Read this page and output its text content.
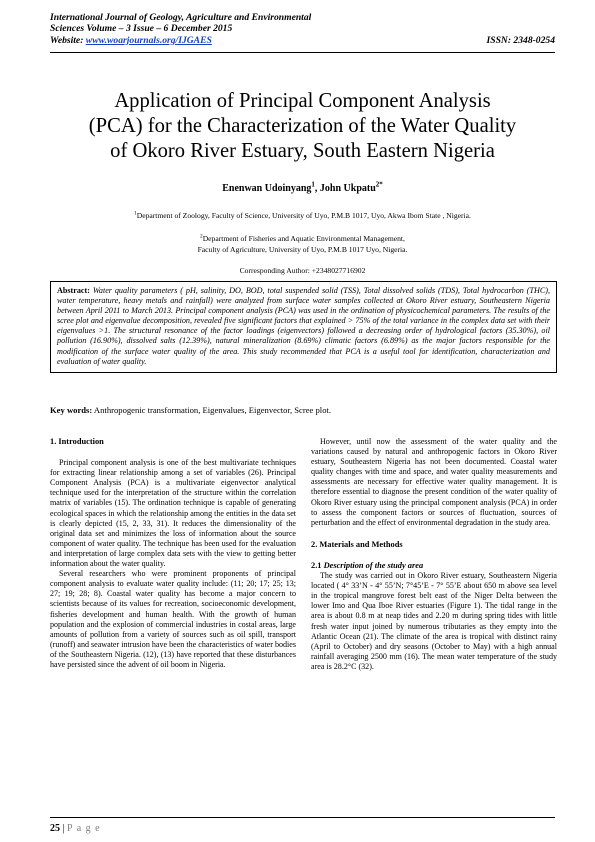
International Journal of Geology, Agriculture and Environmental
Sciences Volume – 3 Issue – 6 December 2015
Website: www.woarjournals.org/IJGAES	ISSN: 2348-0254
Application of Principal Component Analysis
(PCA) for the Characterization of the Water Quality
of Okoro River Estuary, South Eastern Nigeria
Enenwan Udoinyang$^1$, John Ukpatu$^{2*}$
$^1$Department of Zoology, Faculty of Science, University of Uyo, P.M.B 1017, Uyo, Akwa Ibom State , Nigeria.
$^2$Department of Fisheries and Aquatic Environmental Management,
Faculty of Agriculture, University of Uyo, P.M.B 1017 Uyo, Nigeria.
Corresponding Author: +2348027716902
Abstract: Water quality parameters ( pH, salinity, DO, BOD, total suspended solid (TSS), Total dissolved solids (TDS), Total hydrocarbon (THC), water temperature, heavy metals and rainfall) were analyzed from surface water samples collected at Okoro River estuary, Southeastern Nigeria between April 2011 to March 2013. Principal component analysis (PCA) was used in the ordination of physicochemical parameters. The results of the scree plot and eigenvalue decomposition, revealed five significant factors that explained > 75% of the total variance in the complex data set with their eigenvalues >1. The structural resonance of the factor loadings (eigenvectors) followed a decreasing order of hydrological factors (35.30%), oil pollution (16.90%), dissolved salts (12.39%), natural mineralization (8.69%) climatic factors (6.89%) as the major factors responsible for the modification of the surface water quality of the area. This study recommended that PCA is a useful tool for identification, characterization and evaluation of water quality.
Key words: Anthropogenic transformation, Eigenvalues, Eigenvector, Scree plot.
1. Introduction

Principal component analysis is one of the best multivariate techniques for extracting linear relationship among a set of variables (26). Principal Component Analysis (PCA) is a multivariate eigenvector analytical technique used for the interpretation of the structure within the correlation matrix of variables (15). The ordination technique is capable of generating ecological spaces in which the relationship among the entities in the data set is clearly depicted (15, 2, 33, 31). It reduces the dimensionality of the original data set and minimizes the loss of information about the source component of water quality. The technique has been used for the evaluation and interpretation of large complex data sets with the view to getting better information about the water quality.

Several researchers who were prominent proponents of principal component analysis to evaluate water quality include: (11; 20; 17; 25; 13; 27; 19; 28; 8). Coastal water quality has become a major concern to scientists because of its values for recreation, socioeconomic development, fisheries development and human health. With the growth of human population and the explosion of commercial industries in costal areas, large amounts of pollution from a variety of sources such as oil spill, transport (runoff) and seawater intrusion have been the characteristics of water bodies of the Southeastern Nigeria. (12), (13) have reported that these disturbances have persisted since the advent of oil boom in Nigeria.

However, until now the assessment of the water quality and the variations caused by natural and anthropogenic factors in Okoro River estuary, Southeastern Nigeria has not been documented. Coastal water quality changes with time and space, and water quality measurements and assessments are necessary for effective water quality management. It is therefore essential to diagnose the present condition of the water quality of Okoro River estuary using the principal component analysis (PCA) in order to assess the component factors or sources of fluctuation, sources of perturbation and the effect of environmental degradation in the study area.

2. Materials and Methods
2.1 Description of the study area

The study was carried out in Okoro River estuary, Southeastern Nigeria located ( 4° 33’N - 4° 55’N; 7°45’E - 7° 55’E about 650 m above sea level in the tropical mangrove forest belt east of the Niger Delta between the lower Imo and Qua Iboe River estuaries (Figure 1). The tidal range in the area is about 0.8 m at neap tides and 2.20 m during spring tides with little fresh water input joined by numerous tributaries as they empty into the Atlantic Ocean (21). The climate of the area is tropical with distinct rainy (April to October) and dry seasons (October to May) with a high annual rainfall averaging 2500 mm (16). The mean water temperature of the study area is 28.2°C (32).

25 | P a g e
